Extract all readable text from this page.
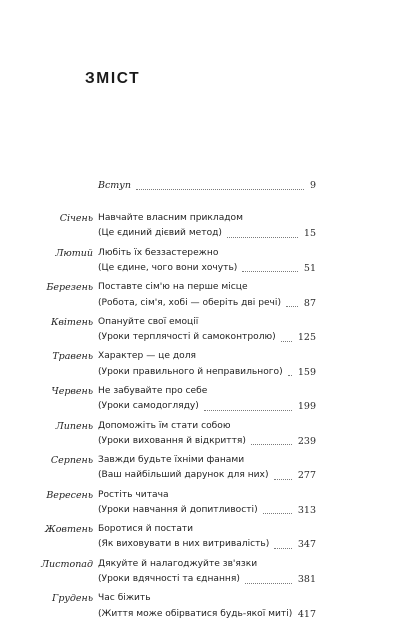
ЗМІСТ
Вступ	9
Січень Навчайте власним прикладом
(Це єдиний дієвий метод)	15
Лютий Любіть їх беззастережно
(Це єдине, чого вони хочуть)	51
Березень Поставте сім'ю на перше місце
(Робота, сім'я, хобі — оберіть дві речі) 87
Квітень Опануйте свої емоції
(Уроки терплячості й самоконтролю) 125
Травень Характер — це доля
(Уроки правильного й неправильного) 159
Червень Не забувайте про себе
(Уроки самодогляду)	199
Липень Допоможіть їм стати собою
(Уроки виховання й відкриття)	239
Серпень Завжди будьте їхніми фанами
(Ваш найбільший дарунок для них)	277
Вересень Ростіть читача
(Уроки навчання й допитливості)	313
Жовтень Боротися й постати
(Як виховувати в них витривалість)	347
Листопад Дякуйте й налагоджуйте зв'язки
(Уроки вдячності та єднання)	381
Грудень Час біжить
(Життя може обірватися будь-якої миті) 417
